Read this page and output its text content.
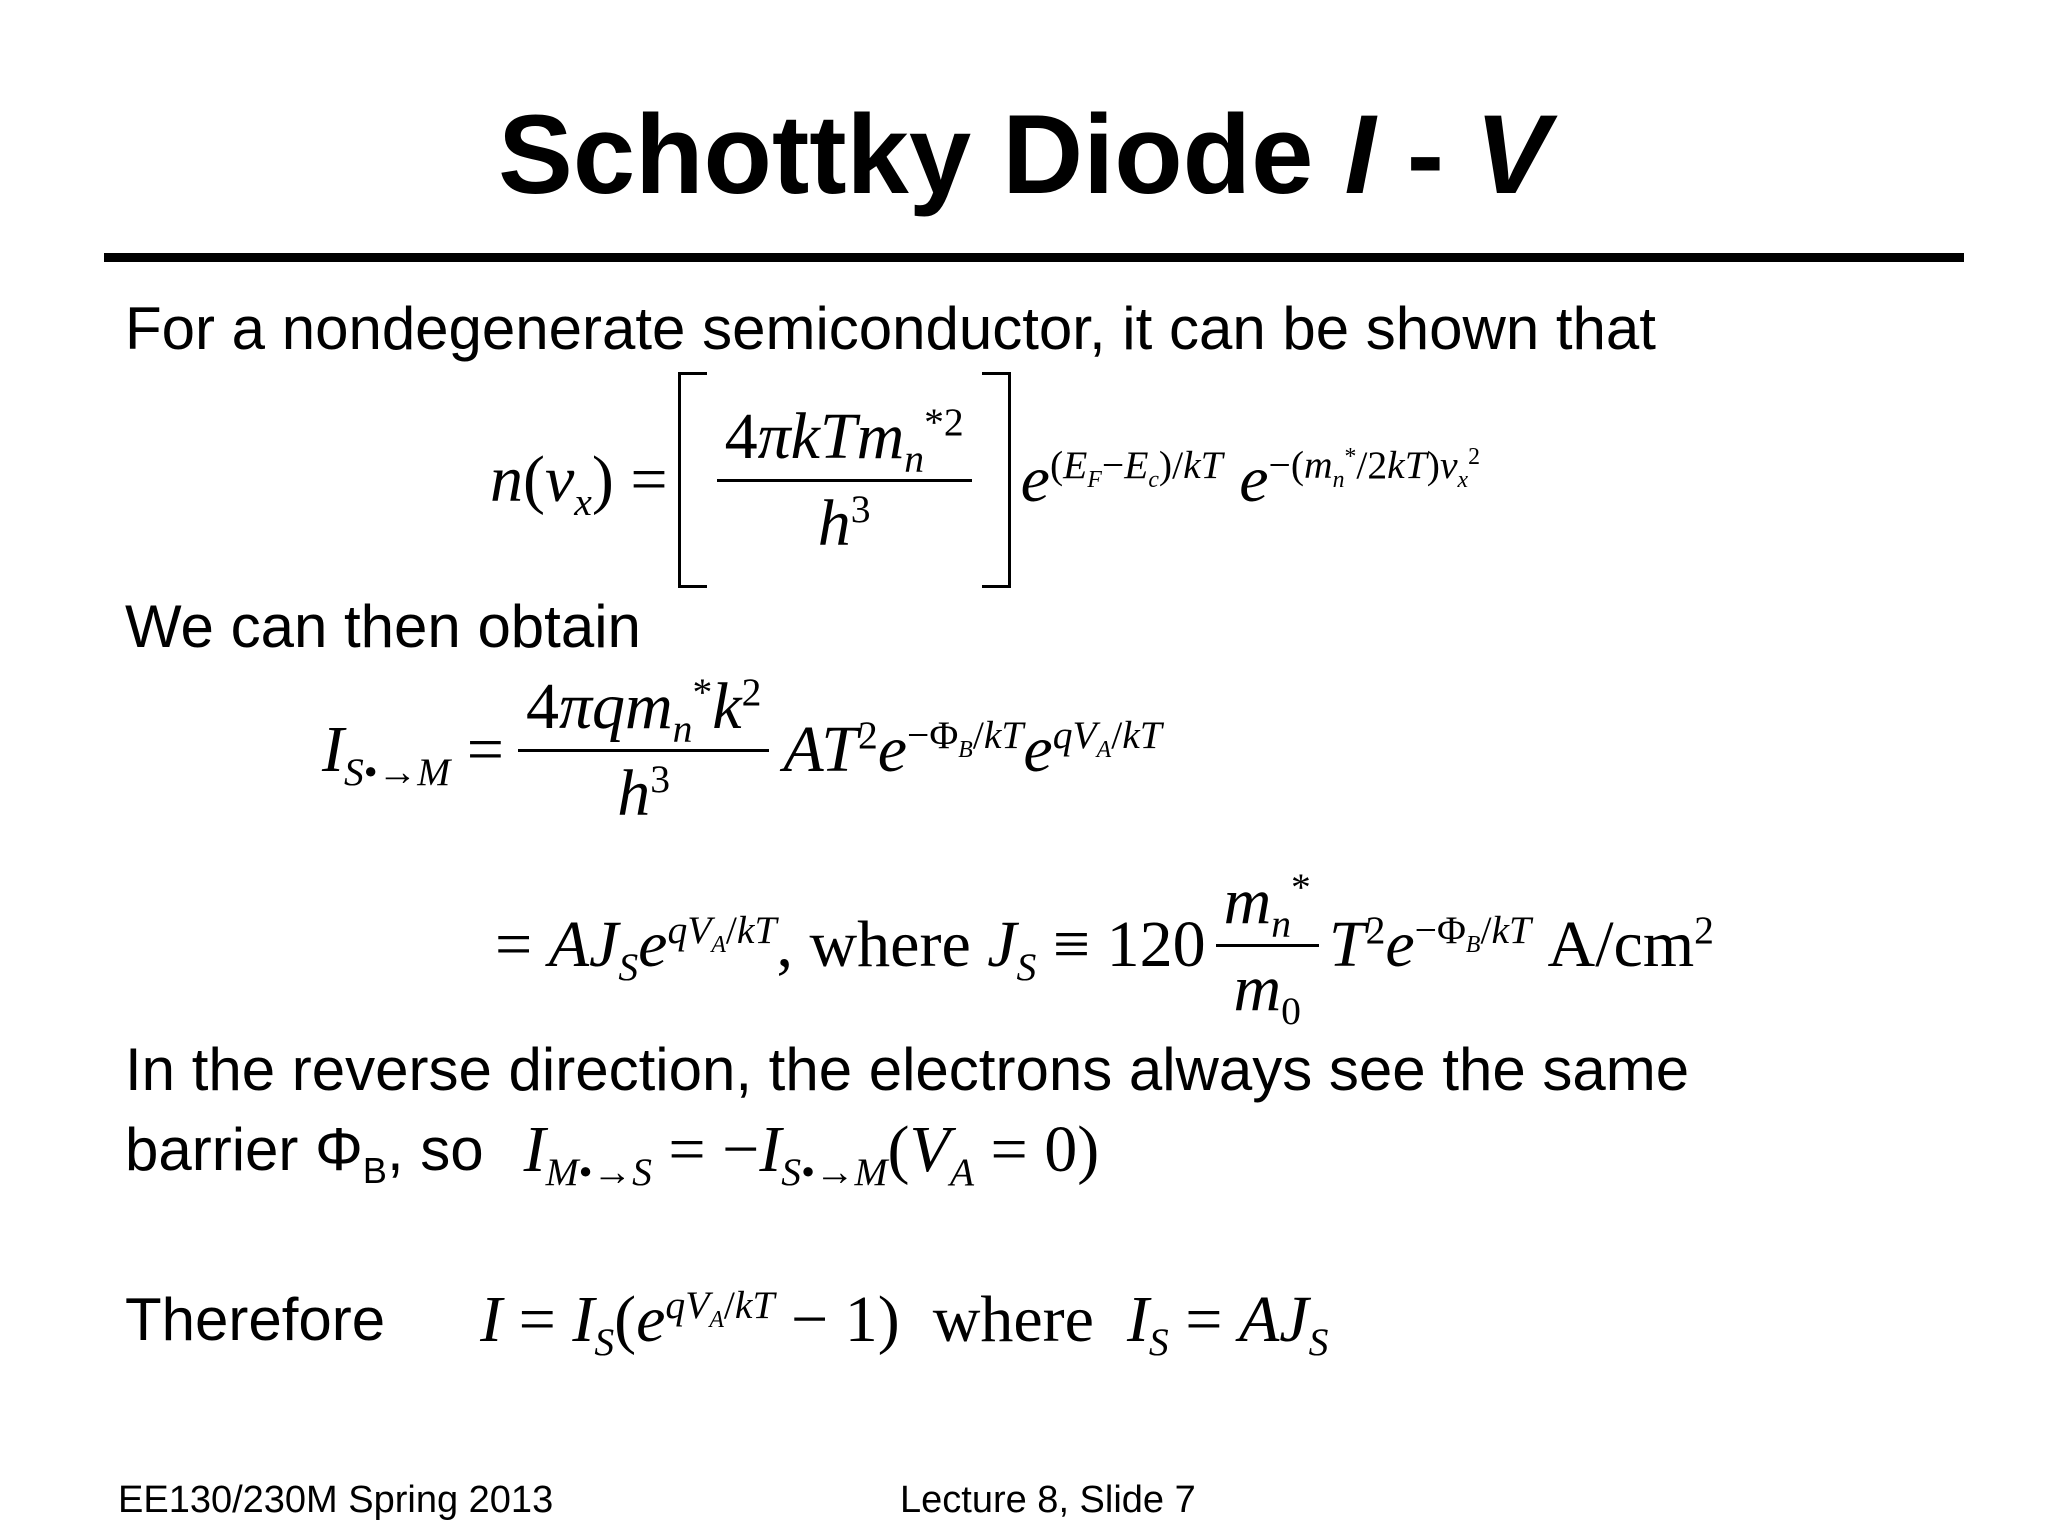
Schottky Diode I - V
For a nondegenerate semiconductor, it can be shown that
$n(v_x) = \frac{4\pi kTm_n^{*2}}{h^3} e^{(E_F-E_c)/kT}$ $e^{-(m_n^*/2kT)v_x^2}$
We can then obtain
$I_{S•\to M} = \frac{4\pi qm_n^*k^2}{h^3} AT^2e^{-\Phi_B/kT}e^{qV_A/kT}$
= $AJ_Se^{qV_A/kT}$, where $J_S \equiv 120 \frac{m_n^*}{m_0} T^2e^{-\Phi_B/kT}$ $A/cm^2$
In the reverse direction, the electrons always see the same
barrier $\Phi_B$, so $I_{M•\to S} = -I_{S•\to M}(V_A = 0)$
Therefore $I = I_S(e^{qV_A/kT} - 1)$  where  $I_S = AJ_S$
EE130/230M Spring 2013	Lecture 8, Slide 7
